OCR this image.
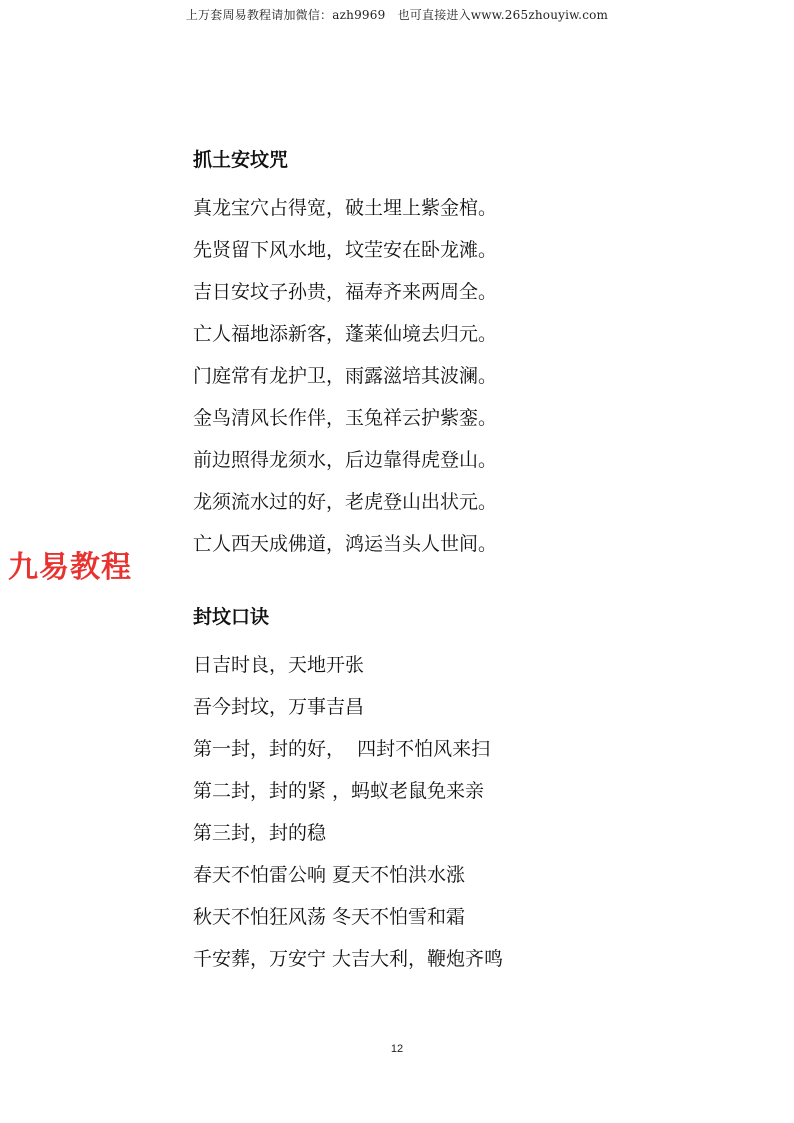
上万套周易教程请加微信：azh9969　也可直接进入www.265zhouyiw.com
九易教程
抓土安坟咒
真龙宝穴占得宽，破土埋上紫金棺。
先贤留下风水地，坟茔安在卧龙滩。
吉日安坟子孙贵，福寿齐来两周全。
亡人福地添新客，蓬莱仙境去归元。
门庭常有龙护卫，雨露滋培其波澜。
金鸟清风长作伴，玉兔祥云护紫銮。
前边照得龙须水，后边靠得虎登山。
龙须流水过的好，老虎登山出状元。
亡人西天成佛道，鸿运当头人世间。
封坟口诀
日吉时良，天地开张
吾今封坟，万事吉昌
第一封，封的好，  四封不怕风来扫
第二封，封的紧 ，蚂蚁老鼠免来亲
第三封，封的稳
春天不怕雷公响 夏天不怕洪水涨
秋天不怕狂风荡 冬天不怕雪和霜
千安葬，万安宁 大吉大利，鞭炮齐鸣
12
